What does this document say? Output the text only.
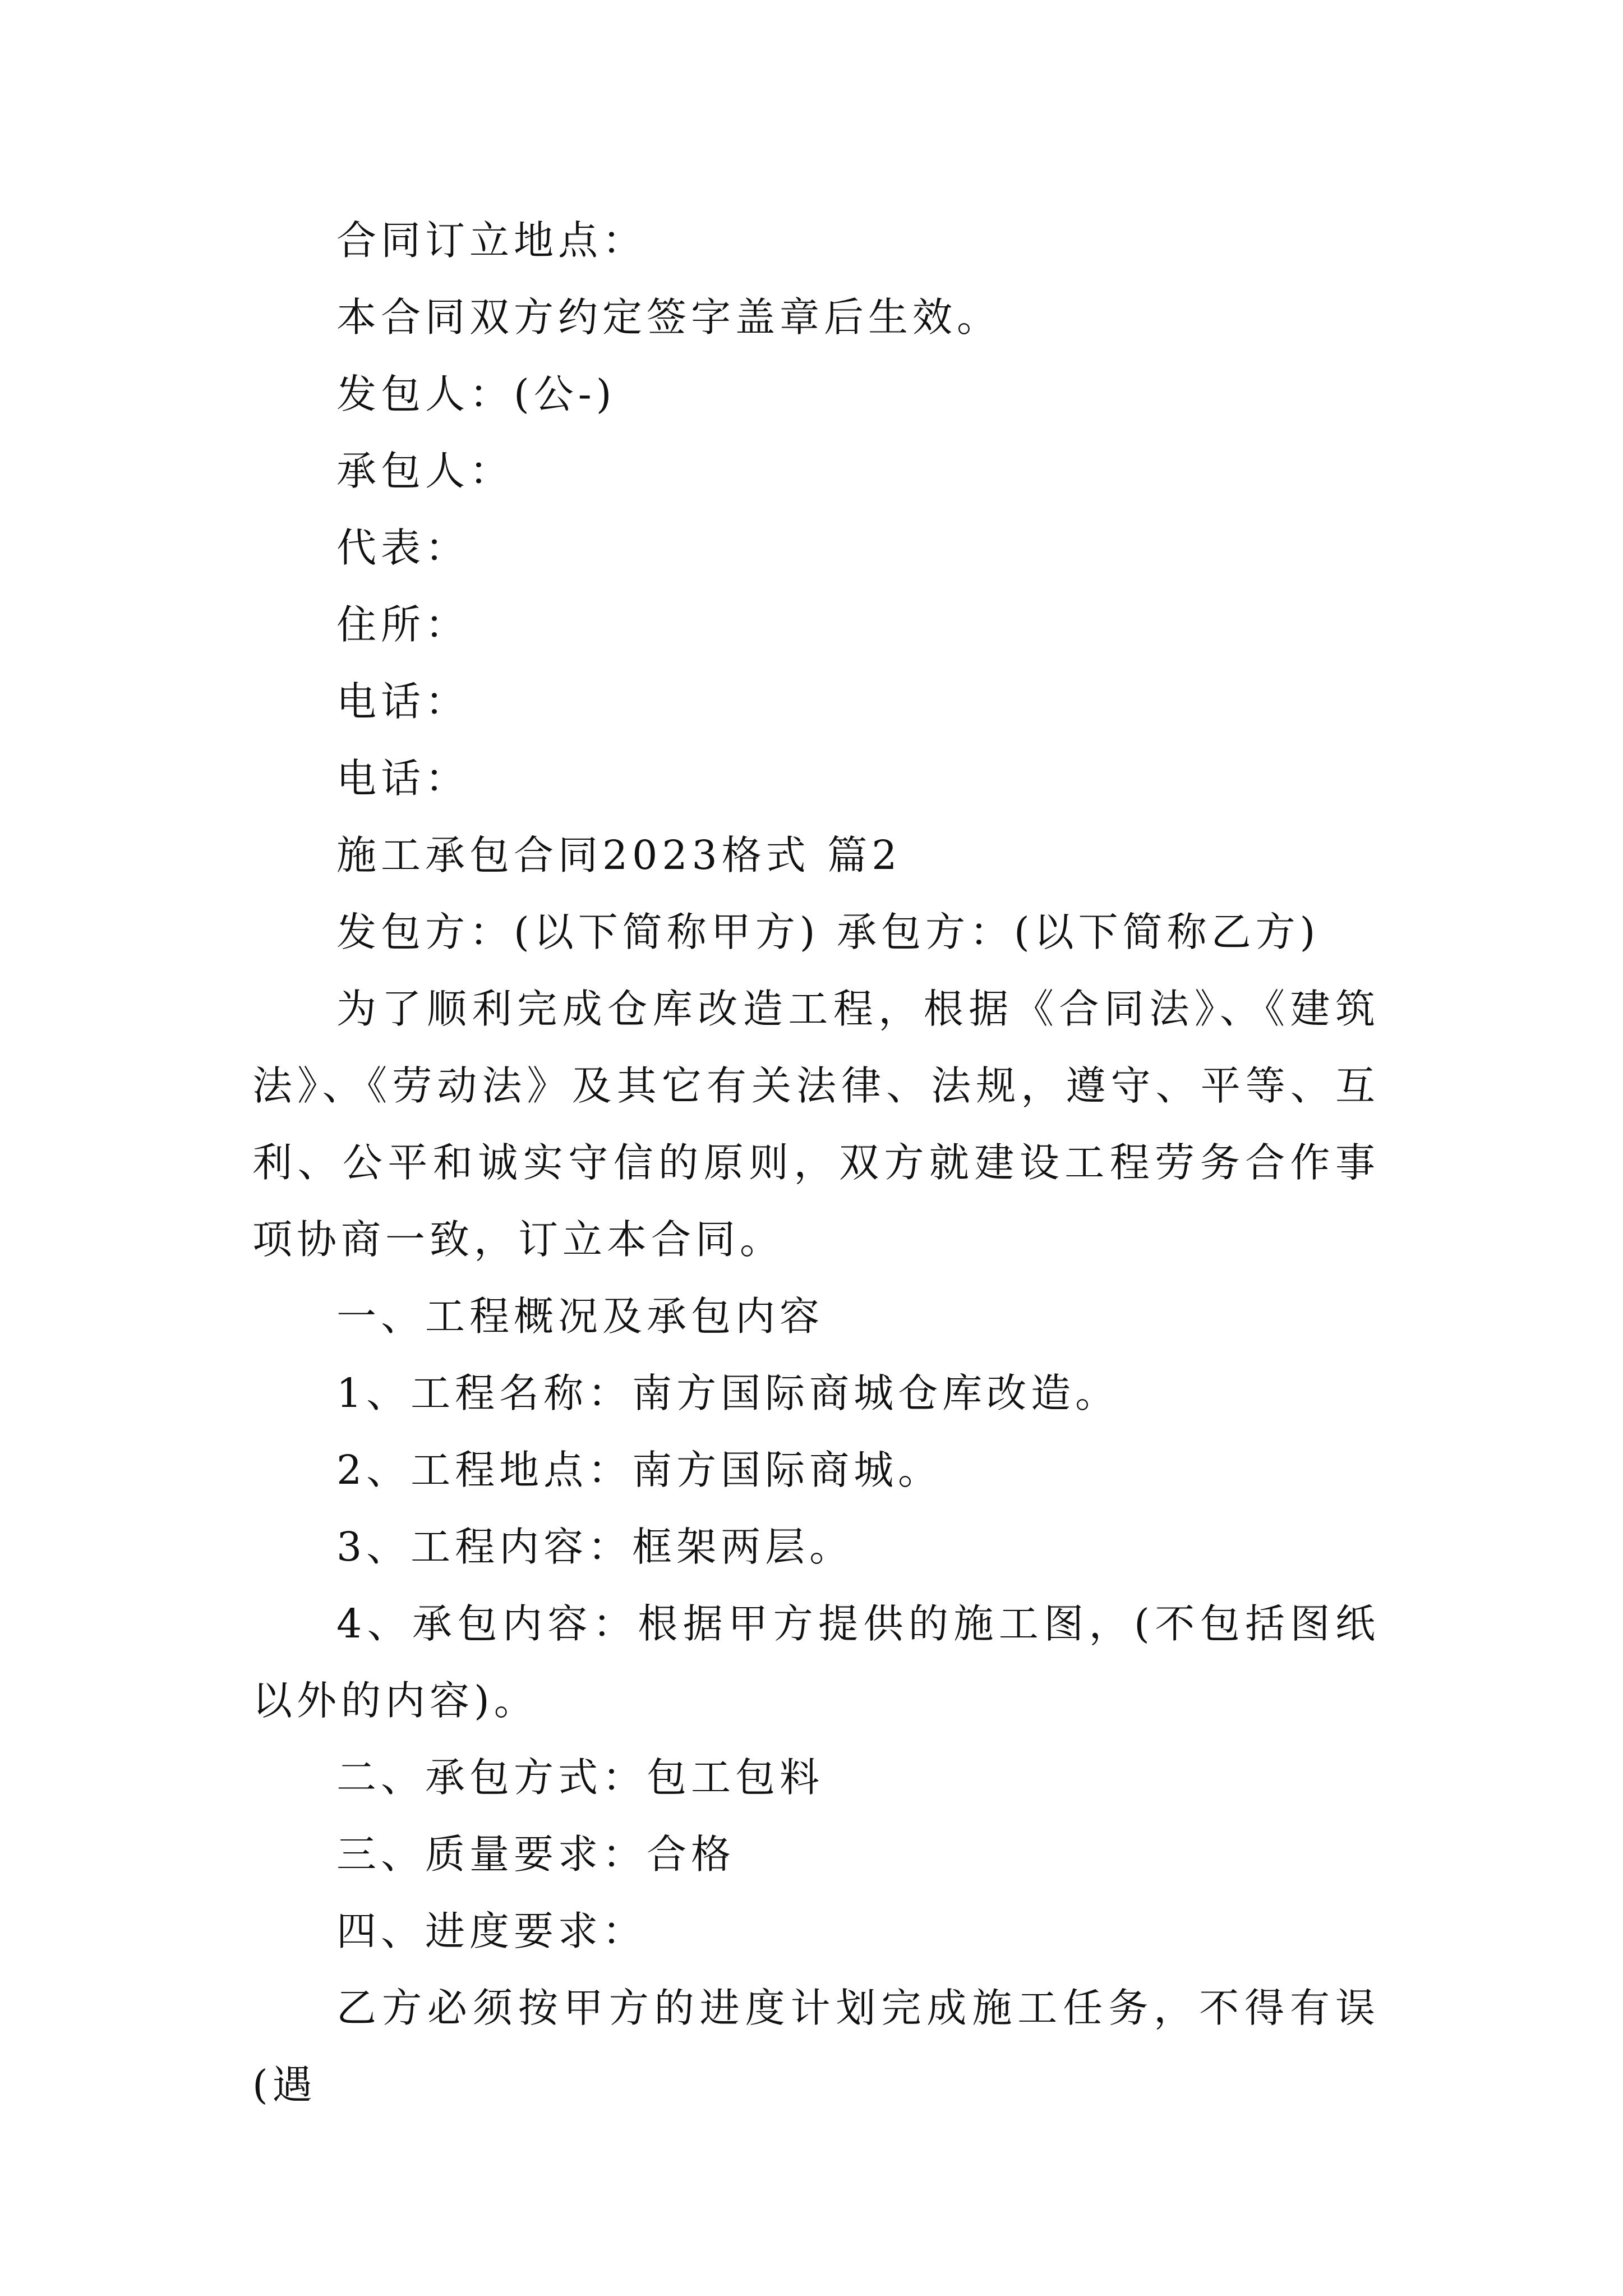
合同订立地点：

本合同双方约定签字盖章后生效。

发包人：(公-)

承包人：

代表：

住所：

电话：

电话：

施工承包合同2023格式 篇2

发包方：(以下简称甲方) 承包方：(以下简称乙方)

为了顺利完成仓库改造工程，根据《合同法》、《建筑法》、《劳动法》及其它有关法律、法规，遵守、平等、互利、公平和诚实守信的原则，双方就建设工程劳务合作事项协商一致，订立本合同。

一、工程概况及承包内容

1、工程名称：南方国际商城仓库改造。

2、工程地点：南方国际商城。

3、工程内容：框架两层。

4、承包内容：根据甲方提供的施工图，(不包括图纸以外的内容)。

二、承包方式：包工包料

三、质量要求：合格

四、进度要求：

乙方必须按甲方的进度计划完成施工任务，不得有误(遇
